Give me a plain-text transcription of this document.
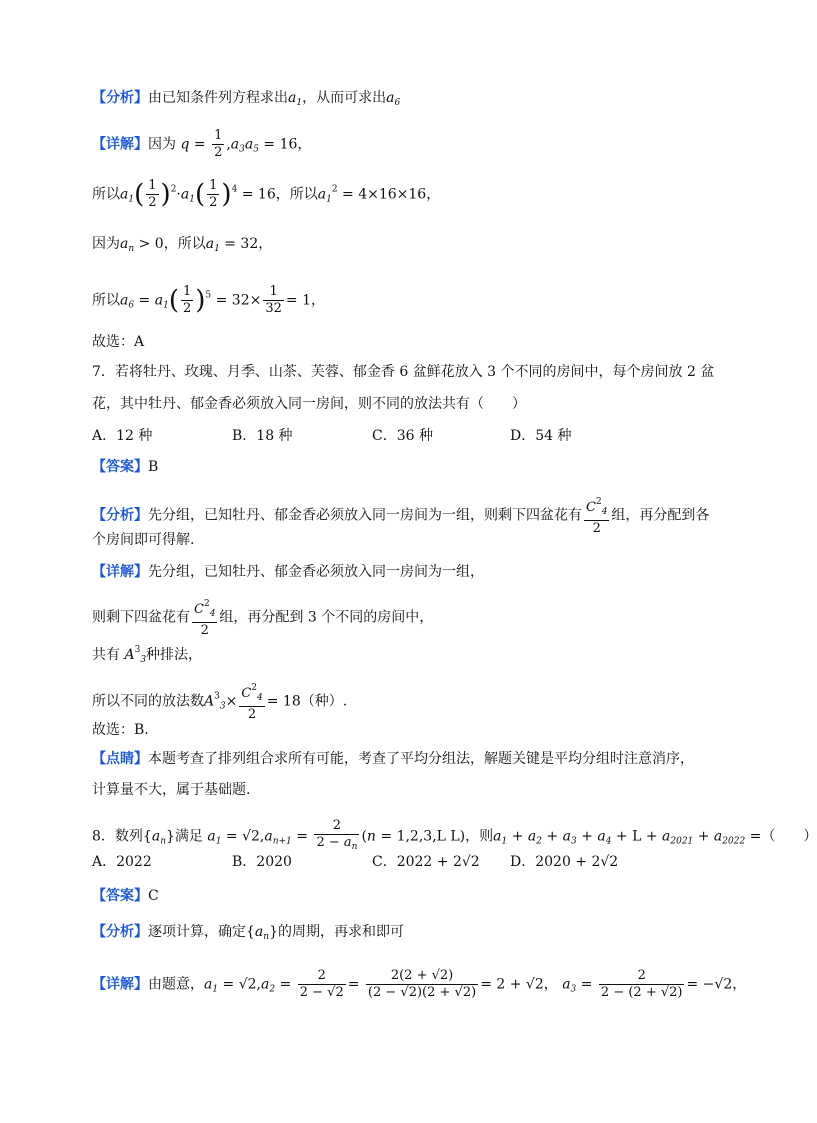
【分析】由已知条件列方程求出$a_1$，从而可求出$a_6$
【详解】因为 $q = \frac{1}{2} ,a_3a_5 = 16$，
所以$a_1( \frac{1}{2} )^2\cdot a_1( \frac{1}{2} )^4 = 16$，所以$a_1^2 = 4\times 16\times 16$，
因为$a_n > 0$，所以$a_1 = 32$，
所以$a_6 = a_1( \frac{1}{2} )^5 = 32\times \frac{1}{32} = 1$，
故选：A
7．若将牡丹、玫瑰、月季、山茶、芙蓉、郁金香 6 盆鲜花放入 3 个不同的房间中，每个房间放 2 盆
花，其中牡丹、郁金香必须放入同一房间，则不同的放法共有（　　）
A．12 种	B．18 种	C．36 种	D．54 种
【答案】B
【分析】先分组，已知牡丹、郁金香必须放入同一房间为一组，则剩下四盆花有 $\frac{C^2_4}{2}$ 组，再分配到各
个房间即可得解.
【详解】先分组，已知牡丹、郁金香必须放入同一房间为一组，
则剩下四盆花有 $\frac{C^2_4}{2}$ 组，再分配到 3 个不同的房间中，
共有 $A^3_3$种排法，
所以不同的放法数$A^3_3\times \frac{C^2_4}{2} = 18$（种）.
故选：B.
【点睛】本题考查了排列组合求所有可能，考查了平均分组法，解题关键是平均分组时注意消序，
计算量不大，属于基础题.
8．数列$\{a_n\}$满足 $a_1 = √2,a_{n+1} = \frac{2}{2 - a_n} (n = 1,2,3,L$ L)，则$a_1 + a_2 + a_3 + a_4 + L + a_{2021} + a_{2022}$ =（　　）
A．2022	B．2020	C．2022 + 2√2 D．2020 + 2√2
【答案】C
【分析】逐项计算，确定$\{a_n\}$的周期，再求和即可
【详解】由题意，$a_1 = √2,a_2 = \frac{2}{2 - √2} = \frac{2(2 + √2)}{(2 - √2)(2 + √2)} = 2 + √2$， $a_3 = \frac{2}{2 - (2 + √2)} = -√2$，
